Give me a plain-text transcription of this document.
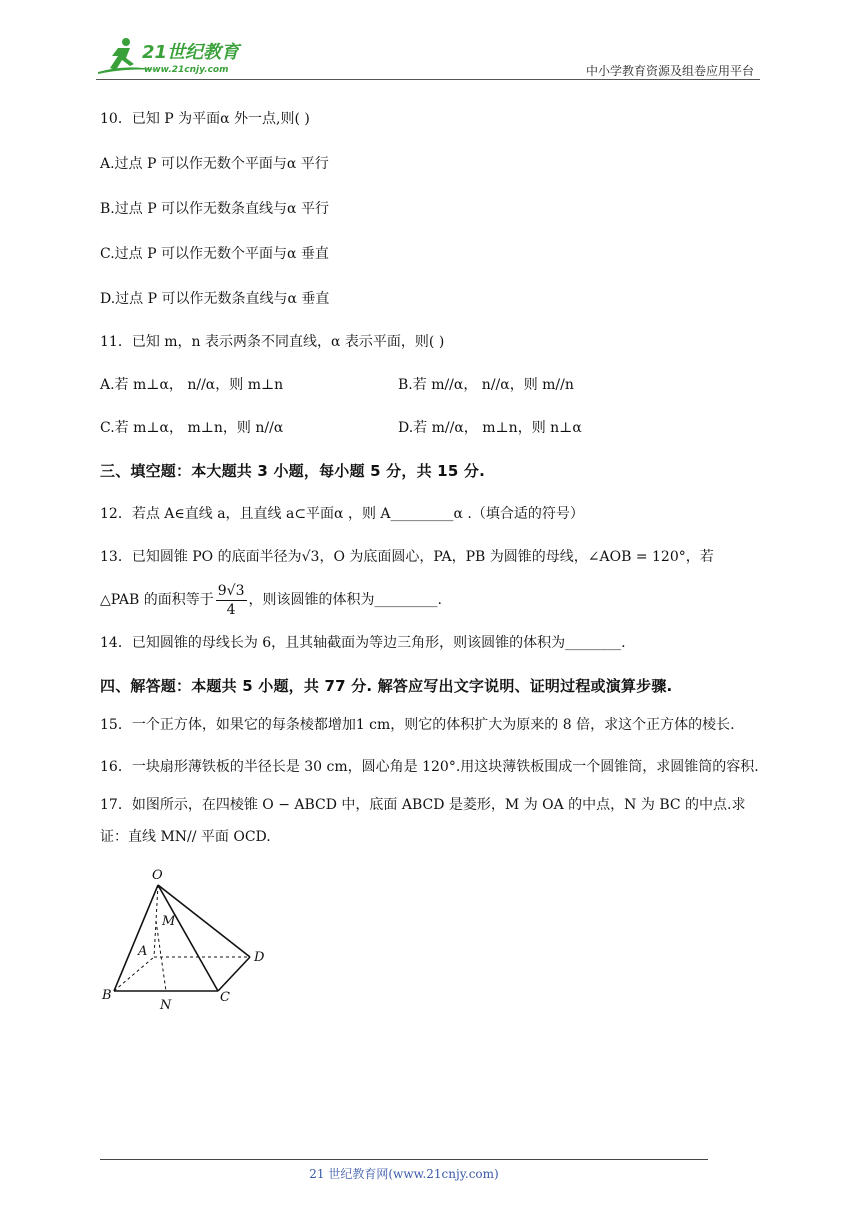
21世纪教育
www.21cnjy.com	中小学教育资源及组卷应用平台

10．已知 P 为平面α 外一点,则( )

A.过点 P 可以作无数个平面与α 平行

B.过点 P 可以作无数条直线与α 平行

C.过点 P 可以作无数个平面与α 垂直

D.过点 P 可以作无数条直线与α 垂直

11．已知 m，n 表示两条不同直线，α 表示平面，则( )

A.若 m⊥α， n//α，则 m⊥n	B.若 m//α， n//α，则 m//n
C.若 m⊥α， m⊥n，则 n//α	D.若 m//α， m⊥n，则 n⊥α

三、填空题：本大题共 3 小题，每小题 5 分，共 15 分.

12．若点 A∈直线 a，且直线 a⊂平面α ，则 A_________α .（填合适的符号）

13．已知圆锥 PO 的底面半径为√3，O 为底面圆心，PA，PB 为圆锥的母线，∠AOB = 120°，若

△PAB 的面积等于 $\frac{9√3}{4}$ ，则该圆锥的体积为_________.

14．已知圆锥的母线长为 6，且其轴截面为等边三角形，则该圆锥的体积为________.

四、解答题：本题共 5 小题，共 77 分. 解答应写出文字说明、证明过程或演算步骤.

15．一个正方体，如果它的每条棱都增加1 cm，则它的体积扩大为原来的 8 倍，求这个正方体的棱长.

16．一块扇形薄铁板的半径长是 30 cm，圆心角是 120°.用这块薄铁板围成一个圆锥筒，求圆锥筒的容积.

17．如图所示，在四棱锥 O − ABCD 中，底面 ABCD 是菱形，M 为 OA 的中点，N 为 BC 的中点.求证：直线 MN// 平面 OCD.

O
M
A	D
B
N
C
21 世纪教育网(www.21cnjy.com)
